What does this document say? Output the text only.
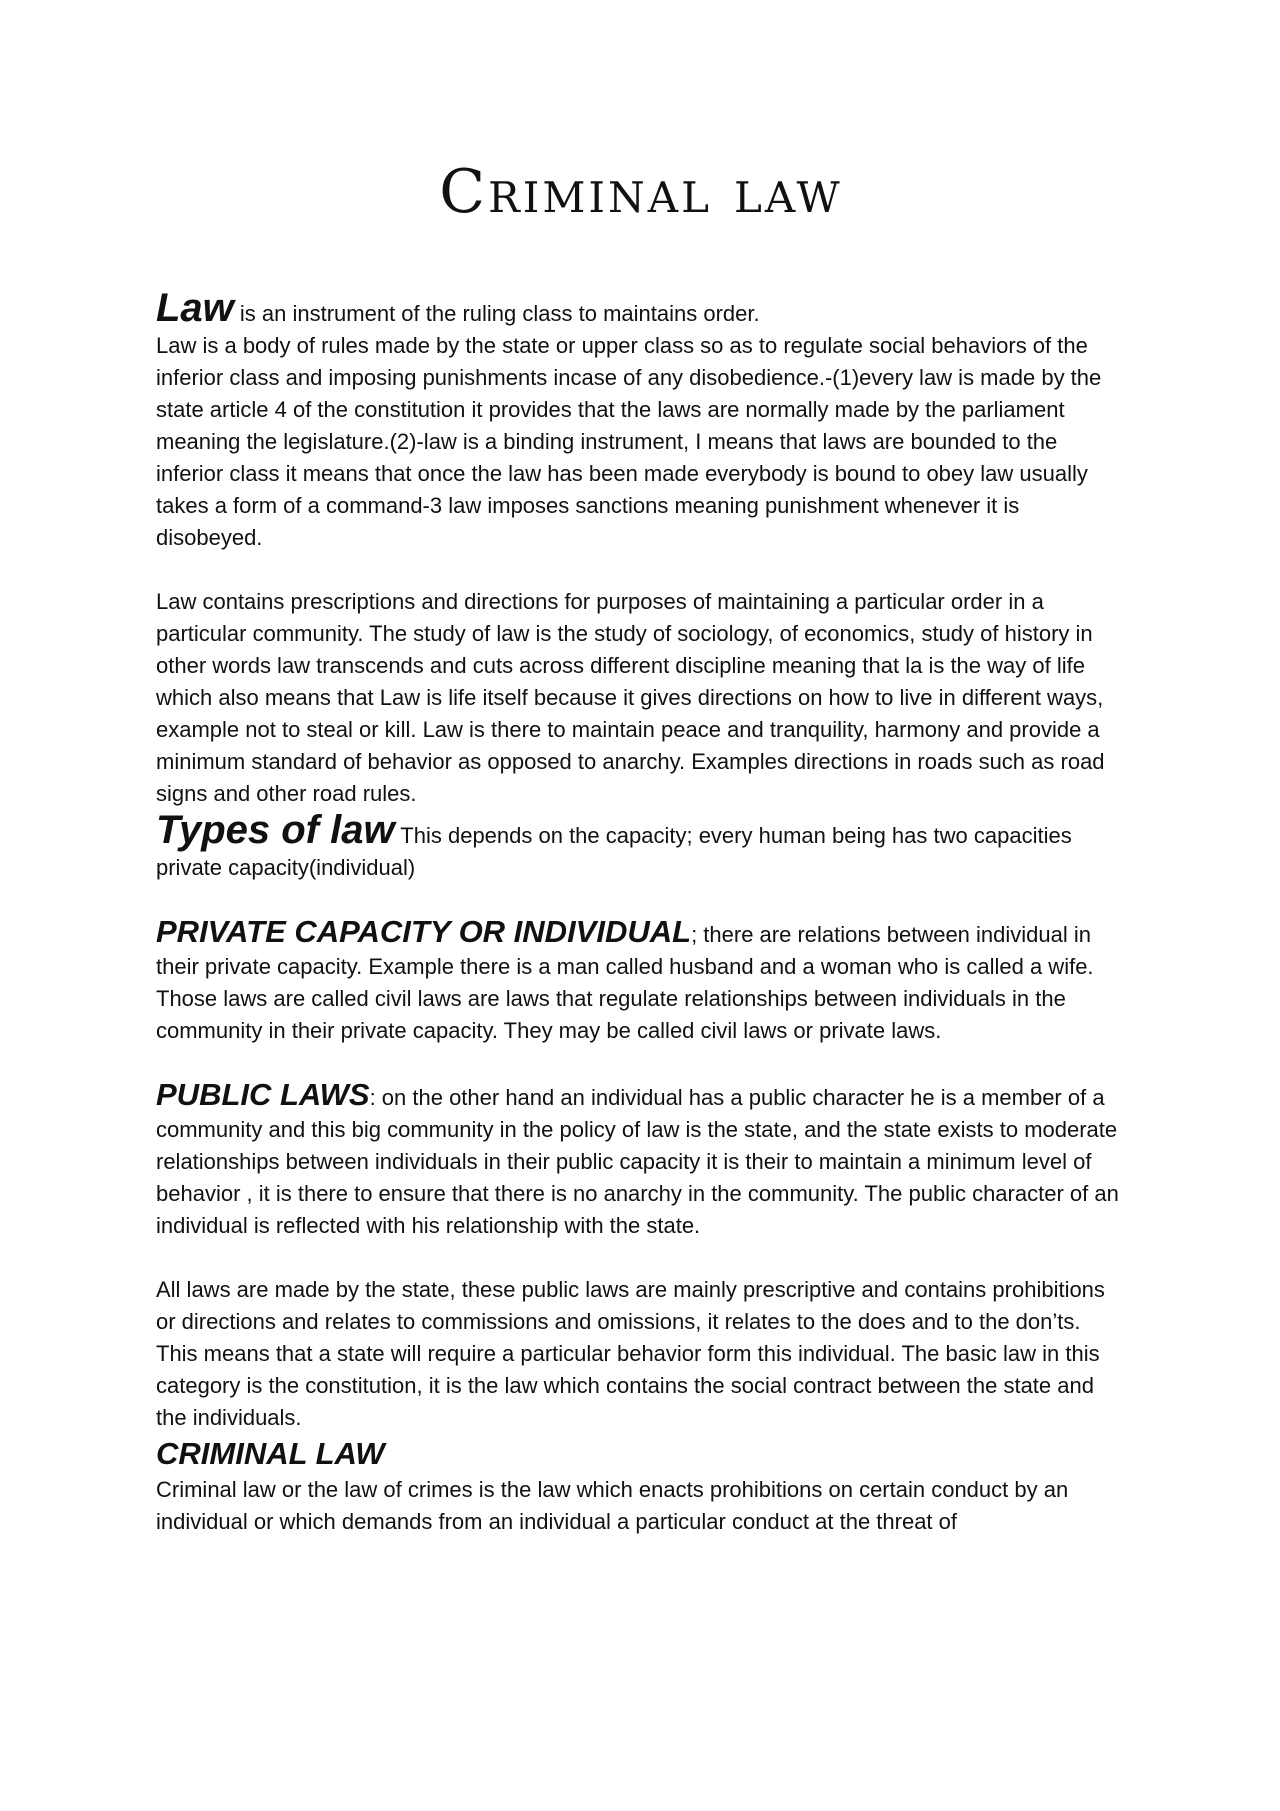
Criminal law

Law is an instrument of the ruling class to maintains order.

Law is a body of rules made by the state or upper class so as to regulate social behaviors of the inferior class and imposing punishments incase of any disobedience.-(1)every law is made by the state article 4 of the constitution it provides that the laws are normally made by the parliament meaning the legislature.(2)-law is a binding instrument, I means that laws are bounded to the inferior class it means that once the law has been made everybody is bound to obey law usually takes a form of a command-3 law imposes sanctions meaning punishment whenever it is disobeyed.

Law contains prescriptions and directions for purposes of maintaining a particular order in a particular community. The study of law is the study of sociology, of economics, study of history in other words law transcends and cuts across different discipline meaning that la is the way of life which also means that Law is life itself because it gives directions on how to live in different ways, example not to steal or kill. Law is there to maintain peace and tranquility, harmony and provide a minimum standard of behavior as opposed to anarchy. Examples directions in roads such as road signs and other road rules.

Types of law This depends on the capacity; every human being has two capacities private capacity(individual)

PRIVATE CAPACITY OR INDIVIDUAL; there are relations between individual in their private capacity. Example there is a man called husband and a woman who is called a wife. Those laws are called civil laws are laws that regulate relationships between individuals in the community in their private capacity. They may be called civil laws or private laws.

PUBLIC LAWS: on the other hand an individual has a public character he is a member of a community and this big community in the policy of law is the state, and the state exists to moderate relationships between individuals in their public capacity it is their to maintain a minimum level of behavior , it is there to ensure that there is no anarchy in the community. The public character of an individual is reflected with his relationship with the state.

All laws are made by the state, these public laws are mainly prescriptive and contains prohibitions or directions and relates to commissions and omissions, it relates to the does and to the don’ts. This means that a state will require a particular behavior form this individual. The basic law in this category is the constitution, it is the law which contains the social contract between the state and the individuals.

CRIMINAL LAW

Criminal law or the law of crimes is the law which enacts prohibitions on certain conduct by an individual or which demands from an individual a particular conduct at the threat of
